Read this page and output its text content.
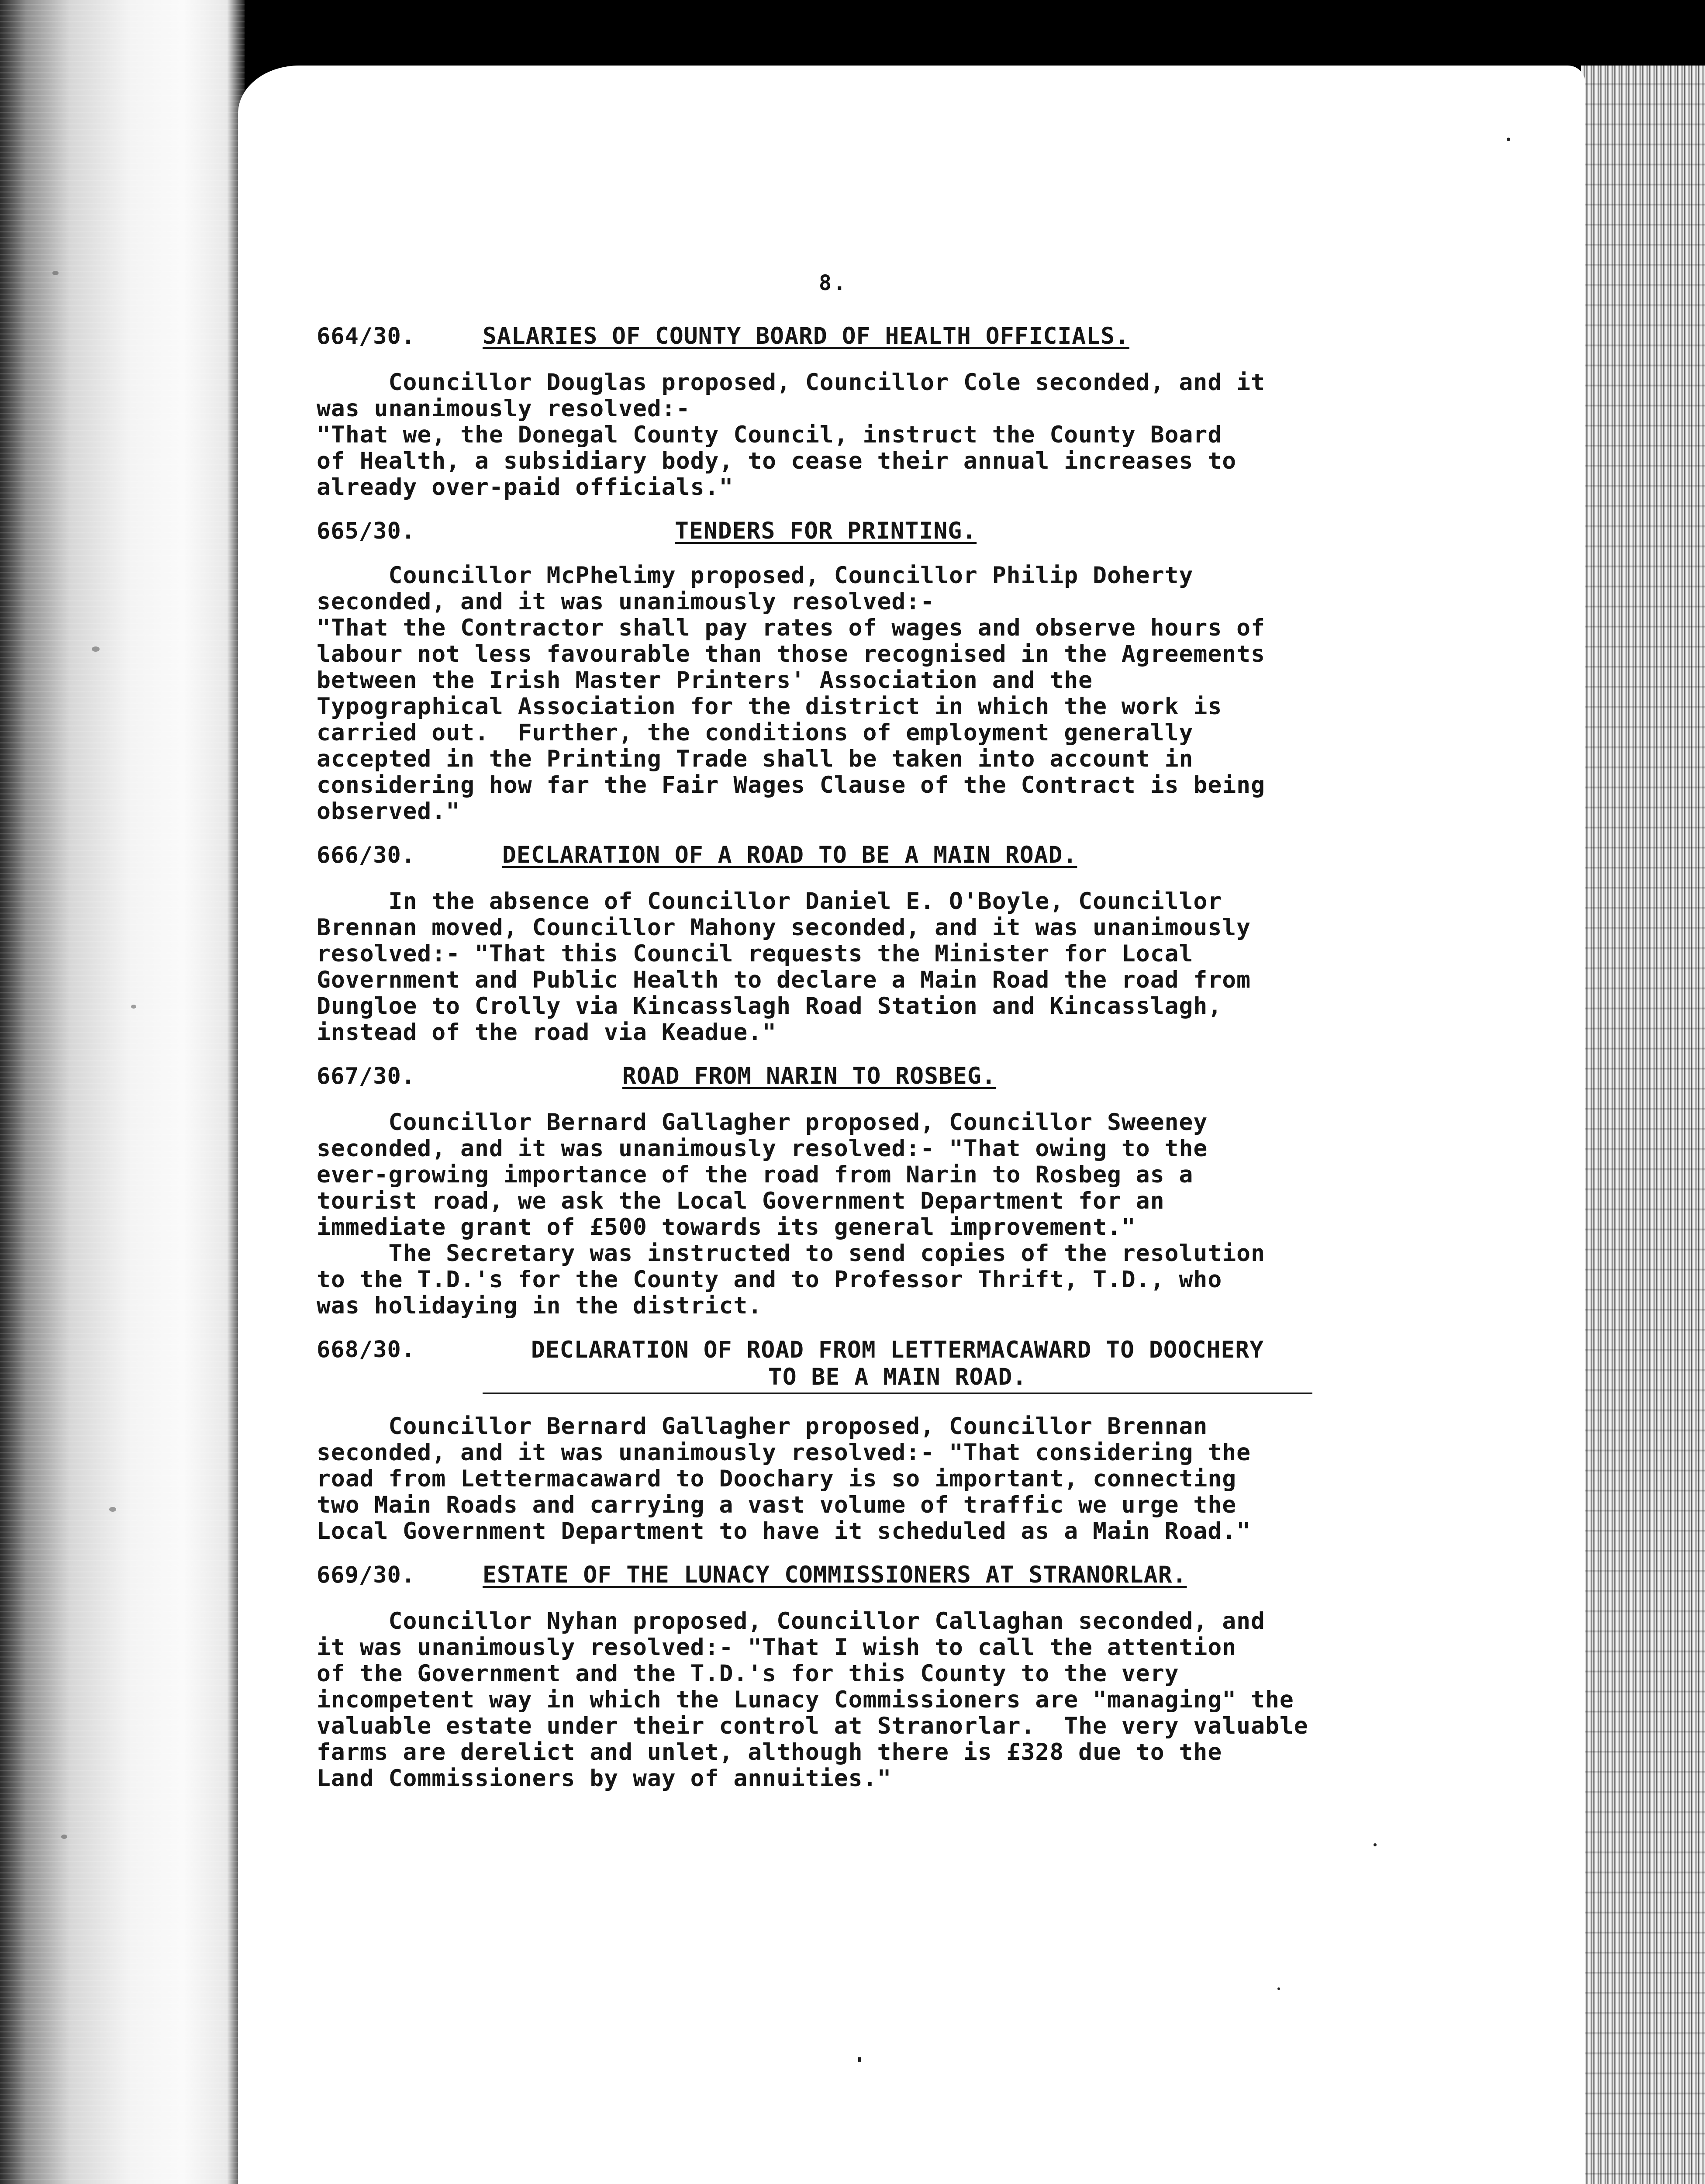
8.
664/30.	SALARIES OF COUNTY BOARD OF HEALTH OFFICIALS.

Councillor Douglas proposed, Councillor Cole seconded, and it
was unanimously resolved:-
"That we, the Donegal County Council, instruct the County Board
of Health, a subsidiary body, to cease their annual increases to
already over-paid officials."

665/30.	TENDERS FOR PRINTING.

Councillor McPhelimy proposed, Councillor Philip Doherty
seconded, and it was unanimously resolved:-
"That the Contractor shall pay rates of wages and observe hours of
labour not less favourable than those recognised in the Agreements
between the Irish Master Printers' Association and the
Typographical Association for the district in which the work is
carried out.  Further, the conditions of employment generally
accepted in the Printing Trade shall be taken into account in
considering how far the Fair Wages Clause of the Contract is being
observed."

666/30.	DECLARATION OF A ROAD TO BE A MAIN ROAD.

In the absence of Councillor Daniel E. O'Boyle, Councillor
Brennan moved, Councillor Mahony seconded, and it was unanimously
resolved:- "That this Council requests the Minister for Local
Government and Public Health to declare a Main Road the road from
Dungloe to Crolly via Kincasslagh Road Station and Kincasslagh,
instead of the road via Keadue."

667/30.	ROAD FROM NARIN TO ROSBEG.

Councillor Bernard Gallagher proposed, Councillor Sweeney
seconded, and it was unanimously resolved:- "That owing to the
ever-growing importance of the road from Narin to Rosbeg as a
tourist road, we ask the Local Government Department for an
immediate grant of £500 towards its general improvement."
The Secretary was instructed to send copies of the resolution
to the T.D.'s for the County and to Professor Thrift, T.D., who
was holidaying in the district.

668/30.	DECLARATION OF ROAD FROM LETTERMACAWARD TO DOOCHERY
TO BE A MAIN ROAD.

Councillor Bernard Gallagher proposed, Councillor Brennan
seconded, and it was unanimously resolved:- "That considering the
road from Lettermacaward to Doochary is so important, connecting
two Main Roads and carrying a vast volume of traffic we urge the
Local Government Department to have it scheduled as a Main Road."

669/30.	ESTATE OF THE LUNACY COMMISSIONERS AT STRANORLAR.

Councillor Nyhan proposed, Councillor Callaghan seconded, and
it was unanimously resolved:- "That I wish to call the attention
of the Government and the T.D.'s for this County to the very
incompetent way in which the Lunacy Commissioners are "managing" the
valuable estate under their control at Stranorlar.  The very valuable
farms are derelict and unlet, although there is £328 due to the
Land Commissioners by way of annuities."
